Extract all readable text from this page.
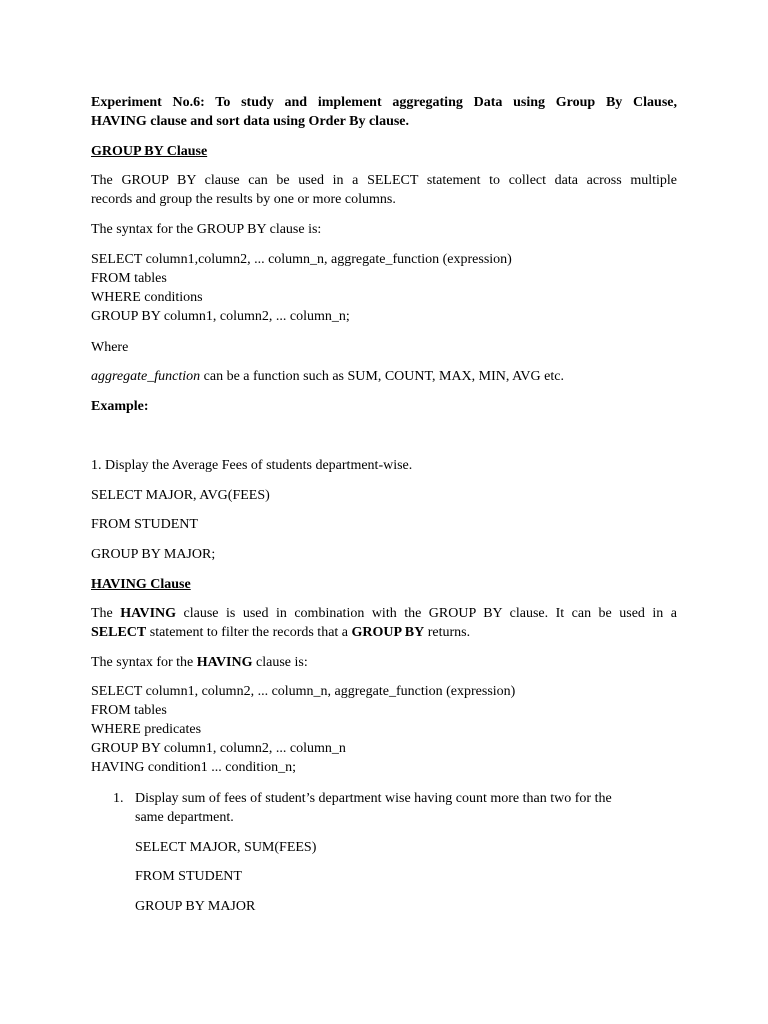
Experiment No.6: To study and implement aggregating Data using Group By Clause,
HAVING clause and sort data using Order By clause.
GROUP BY Clause
The GROUP BY clause can be used in a SELECT statement to collect data across multiple
records and group the results by one or more columns.
The syntax for the GROUP BY clause is:
SELECT column1,column2, ... column_n, aggregate_function (expression)
FROM tables
WHERE conditions
GROUP BY column1, column2, ... column_n;
Where
aggregate_function can be a function such as SUM, COUNT, MAX, MIN, AVG etc.
Example:
1. Display the Average Fees of students department-wise.
SELECT MAJOR, AVG(FEES)
FROM STUDENT
GROUP BY MAJOR;
HAVING Clause
The HAVING clause is used in combination with the GROUP BY clause. It can be used in a
SELECT statement to filter the records that a GROUP BY returns.
The syntax for the HAVING clause is:
SELECT column1, column2, ... column_n, aggregate_function (expression)
FROM tables
WHERE predicates
GROUP BY column1, column2, ... column_n
HAVING condition1 ... condition_n;
1. Display sum of fees of student’s department wise having count more than two for the
same department.
SELECT MAJOR, SUM(FEES)
FROM STUDENT
GROUP BY MAJOR
